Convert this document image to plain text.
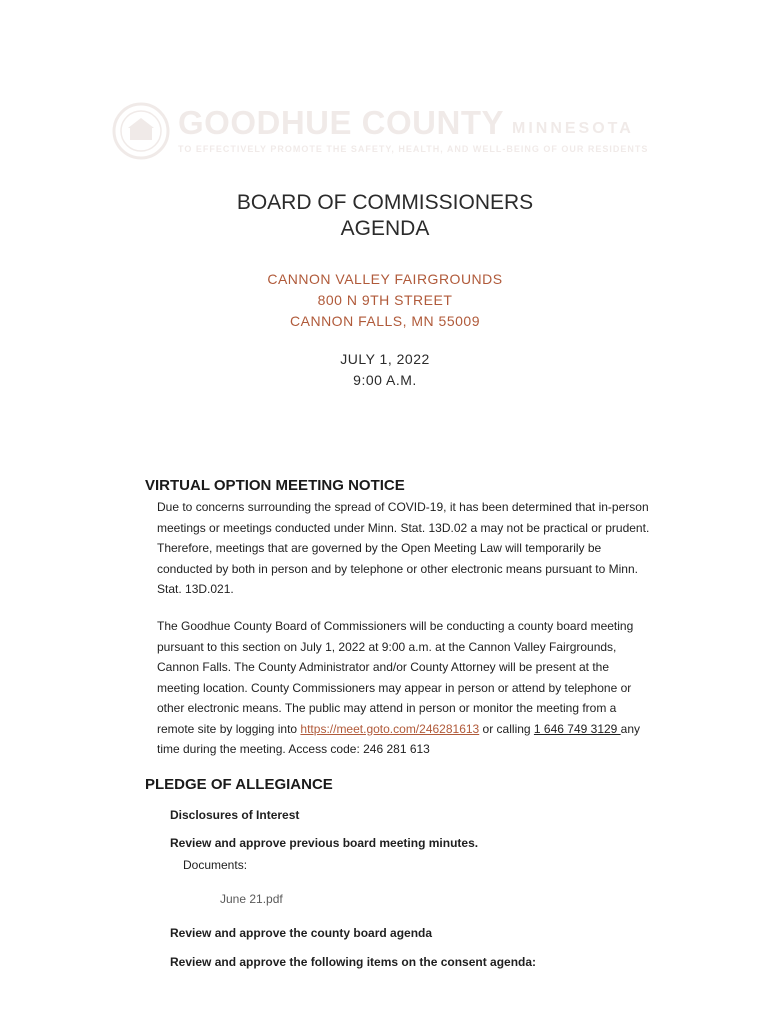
GOODHUE COUNTY MINNESOTA
TO EFFECTIVELY PROMOTE THE SAFETY, HEALTH, AND WELL-BEING OF OUR RESIDENTS
BOARD OF COMMISSIONERS
AGENDA
CANNON VALLEY FAIRGROUNDS
800 N 9TH STREET
CANNON FALLS, MN 55009
JULY 1, 2022
9:00 A.M.
VIRTUAL OPTION MEETING NOTICE
Due to concerns surrounding the spread of COVID-19, it has been determined that in-person meetings or meetings conducted under Minn. Stat. 13D.02 a may not be practical or prudent. Therefore, meetings that are governed by the Open Meeting Law will temporarily be conducted by both in person and by telephone or other electronic means pursuant to Minn. Stat. 13D.021.
The Goodhue County Board of Commissioners will be conducting a county board meeting pursuant to this section on July 1, 2022 at 9:00 a.m. at the Cannon Valley Fairgrounds, Cannon Falls. The County Administrator and/or County Attorney will be present at the meeting location. County Commissioners may appear in person or attend by telephone or other electronic means. The public may attend in person or monitor the meeting from a remote site by logging into https://meet.goto.com/246281613 or calling 1 646 749 3129 any time during the meeting. Access code: 246 281 613
PLEDGE OF ALLEGIANCE
Disclosures of Interest
Review and approve previous board meeting minutes.
Documents:
June 21.pdf
Review and approve the county board agenda
Review and approve the following items on the consent agenda:
